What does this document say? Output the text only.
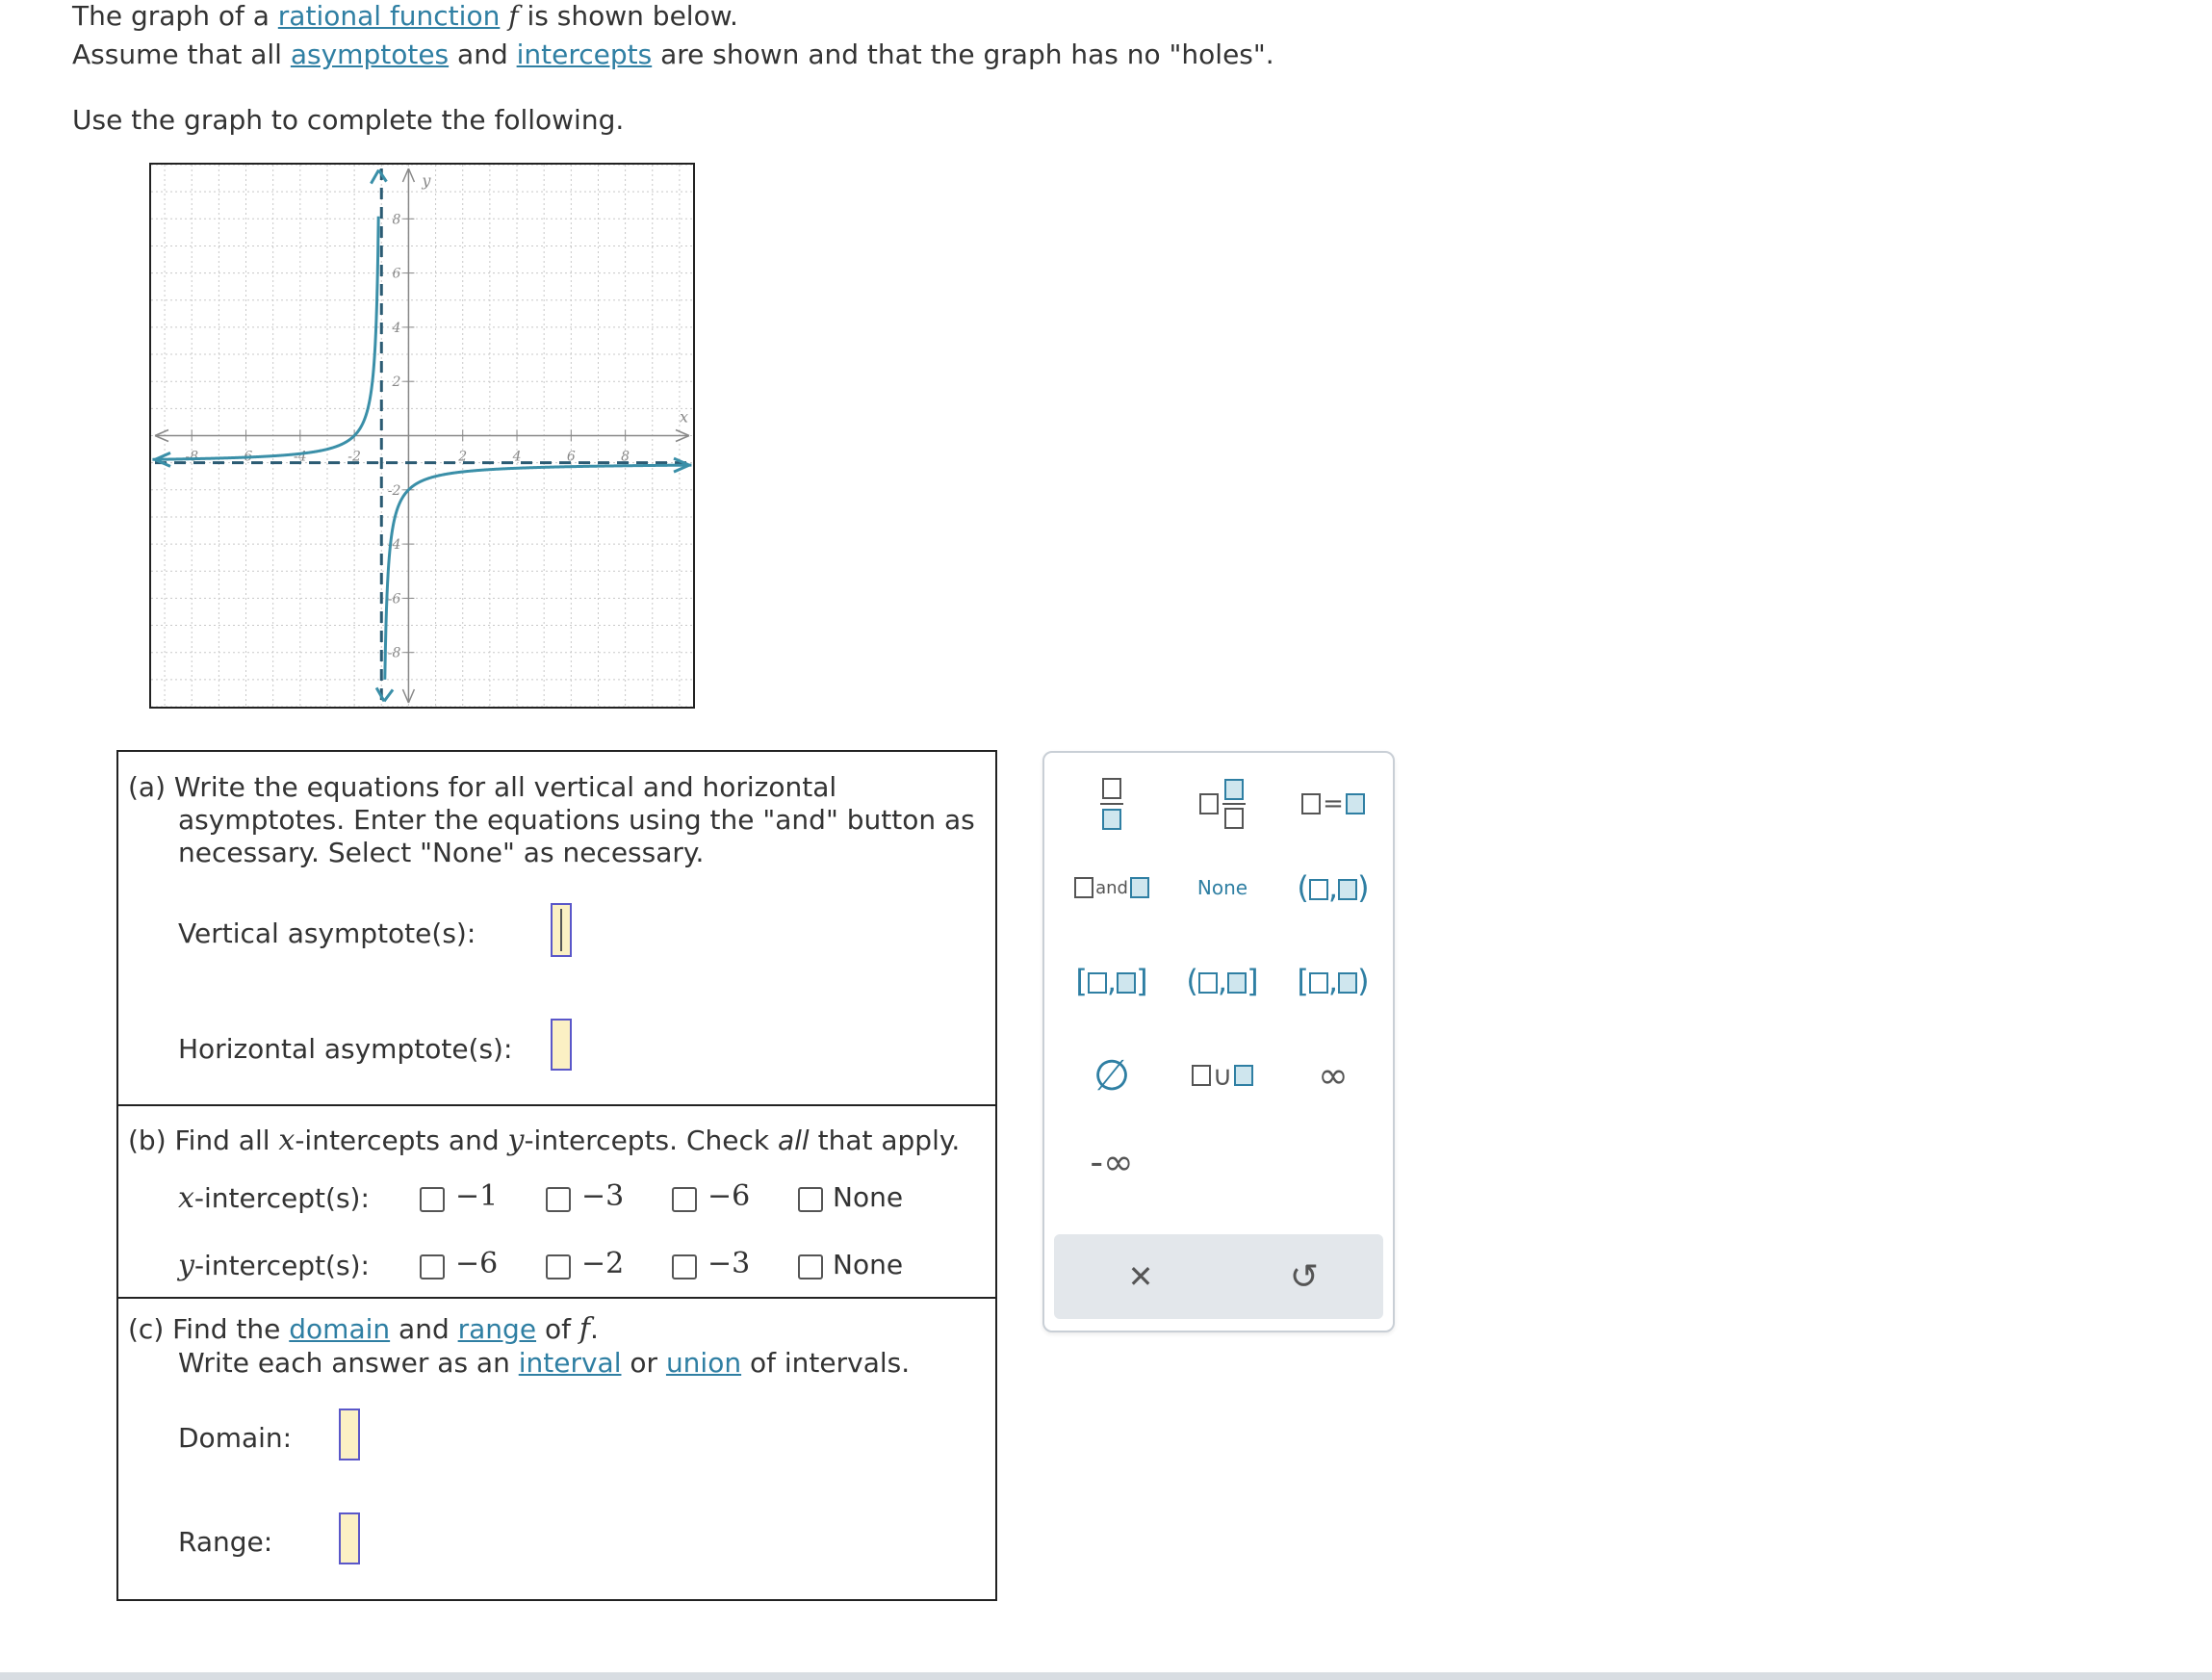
The graph of a rational function f is shown below.
Assume that all asymptotes and intercepts are shown and that the graph has no "holes".
Use the graph to complete the following.
-8	-6	-4	-2	2	4	6	8
8
6
4
2
-2
-4
-6
-8
x
y
(a) Write the equations for all vertical and horizontal
asymptotes. Enter the equations using the "and" button as
necessary. Select "None" as necessary.
Vertical asymptote(s):
Horizontal asymptote(s):
(b) Find all x-intercepts and y-intercepts. Check all that apply.
x-intercept(s):	−1	−3	−6	None
y-intercept(s):	−6	−2	−3	None
(c) Find the domain and range of f.
Write each answer as an interval or union of intervals.
Domain:
Range:
=
and	None	( , )
[ , ] ( , ] [ , )
∅	∪	∞
-∞
✕	↺
